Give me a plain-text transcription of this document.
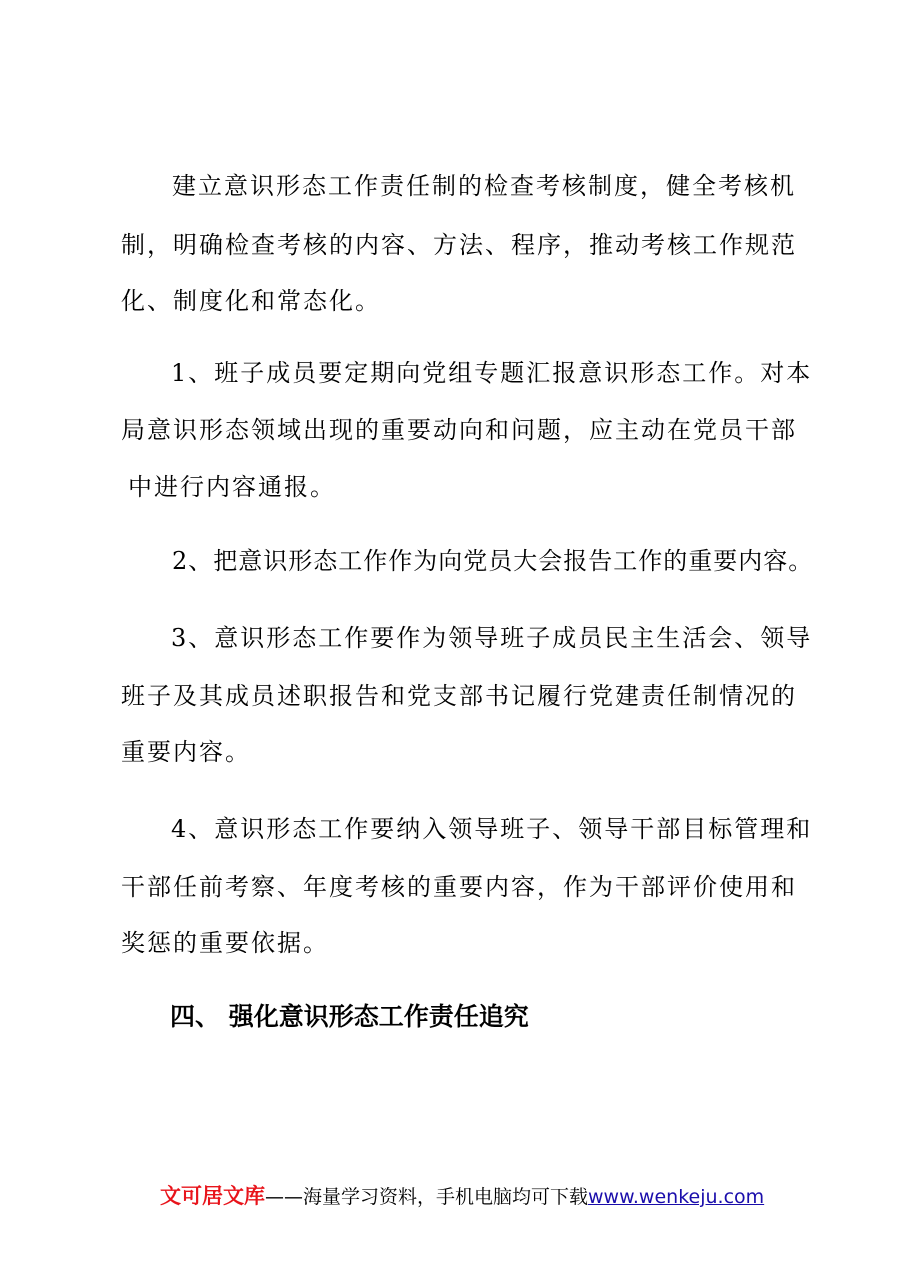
建立意识形态工作责任制的检查考核制度，健全考核机
制，明确检查考核的内容、方法、程序，推动考核工作规范
化、制度化和常态化。
1、班子成员要定期向党组专题汇报意识形态工作。对本
局意识形态领域出现的重要动向和问题，应主动在党员干部
中进行内容通报。
2、把意识形态工作作为向党员大会报告工作的重要内容。
3、意识形态工作要作为领导班子成员民主生活会、领导
班子及其成员述职报告和党支部书记履行党建责任制情况的
重要内容。
4、意识形态工作要纳入领导班子、领导干部目标管理和
干部任前考察、年度考核的重要内容，作为干部评价使用和
奖惩的重要依据。
四、 强化意识形态工作责任追究
文可居文库——海量学习资料，手机电脑均可下载www.wenkeju.com
